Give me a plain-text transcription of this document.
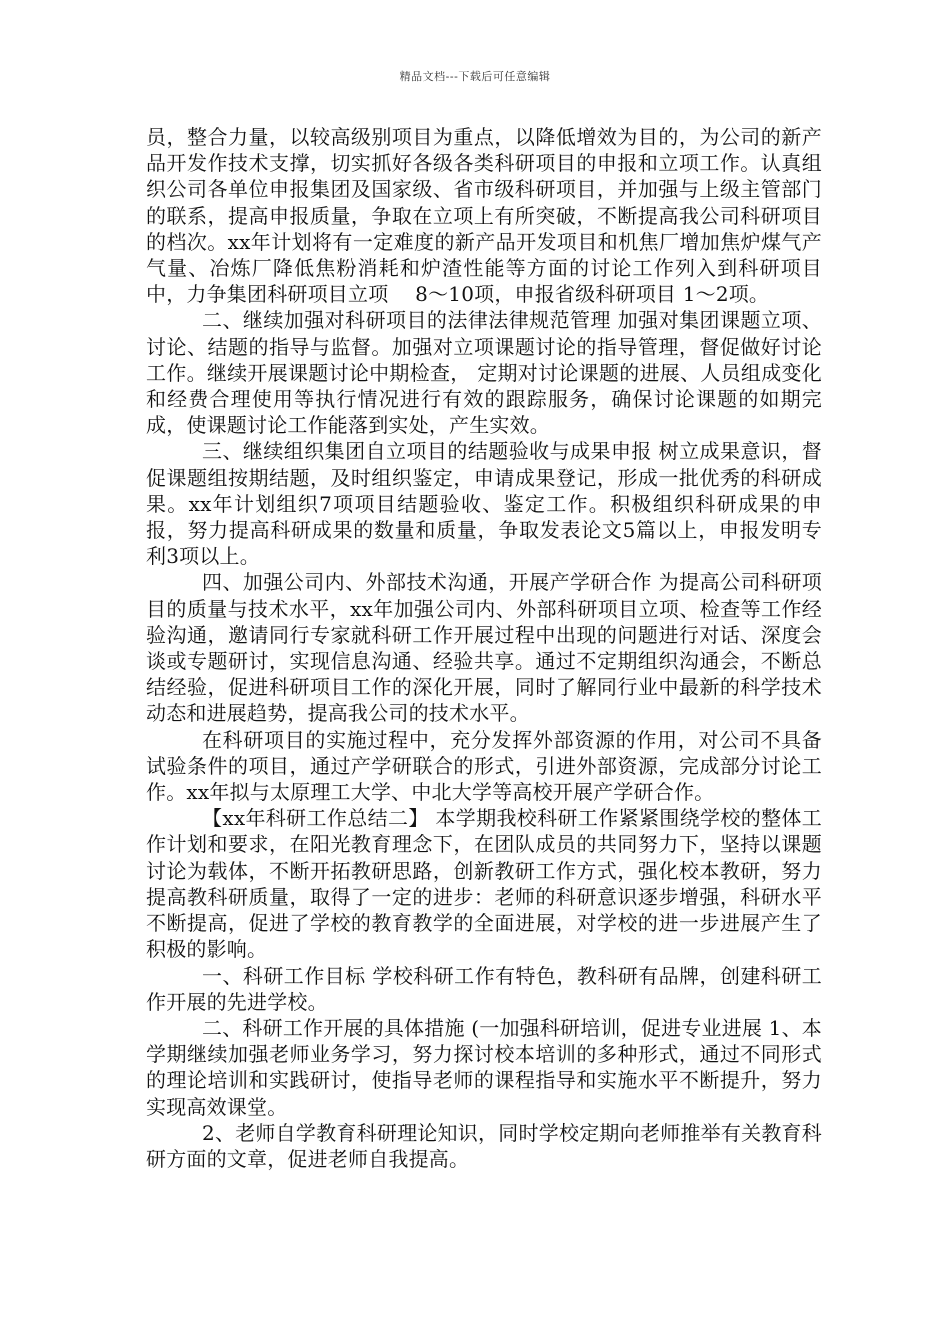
精品文档---下载后可任意编辑

员，整合力量，以较高级别项目为重点，以降低增效为目的，为公司的新产品开发作技术支撑，切实抓好各级各类科研项目的申报和立项工作。认真组织公司各单位申报集团及国家级、省市级科研项目，并加强与上级主管部门的联系，提高申报质量，争取在立项上有所突破，不断提高我公司科研项目的档次。xx年计划将有一定难度的新产品开发项目和机焦厂增加焦炉煤气产气量、冶炼厂降低焦粉消耗和炉渣性能等方面的讨论工作列入到科研项目中，力争集团科研项目立项　 8～10项，申报省级科研项目 1～2项。

二、继续加强对科研项目的法律法律规范管理 加强对集团课题立项、讨论、结题的指导与监督。加强对立项课题讨论的指导管理，督促做好讨论工作。继续开展课题讨论中期检查， 定期对讨论课题的进展、人员组成变化和经费合理使用等执行情况进行有效的跟踪服务，确保讨论课题的如期完成，使课题讨论工作能落到实处，产生实效。

三、继续组织集团自立项目的结题验收与成果申报 树立成果意识，督促课题组按期结题，及时组织鉴定，申请成果登记，形成一批优秀的科研成果。xx年计划组织7项项目结题验收、鉴定工作。积极组织科研成果的申报，努力提高科研成果的数量和质量，争取发表论文5篇以上，申报发明专利3项以上。

四、加强公司内、外部技术沟通，开展产学研合作 为提高公司科研项目的质量与技术水平，xx年加强公司内、外部科研项目立项、检查等工作经验沟通，邀请同行专家就科研工作开展过程中出现的问题进行对话、深度会谈或专题研讨，实现信息沟通、经验共享。通过不定期组织沟通会，不断总结经验，促进科研项目工作的深化开展，同时了解同行业中最新的科学技术动态和进展趋势，提高我公司的技术水平。

在科研项目的实施过程中，充分发挥外部资源的作用，对公司不具备试验条件的项目，通过产学研联合的形式，引进外部资源，完成部分讨论工作。xx年拟与太原理工大学、中北大学等高校开展产学研合作。

【xx年科研工作总结二】 本学期我校科研工作紧紧围绕学校的整体工作计划和要求，在阳光教育理念下，在团队成员的共同努力下，坚持以课题讨论为载体，不断开拓教研思路，创新教研工作方式，强化校本教研，努力提高教科研质量，取得了一定的进步：老师的科研意识逐步增强，科研水平不断提高，促进了学校的教育教学的全面进展，对学校的进一步进展产生了积极的影响。

一、科研工作目标 学校科研工作有特色，教科研有品牌，创建科研工作开展的先进学校。

二、科研工作开展的具体措施 (一加强科研培训，促进专业进展 1、本学期继续加强老师业务学习，努力探讨校本培训的多种形式，通过不同形式的理论培训和实践研讨，使指导老师的课程指导和实施水平不断提升，努力实现高效课堂。

2、老师自学教育科研理论知识，同时学校定期向老师推举有关教育科研方面的文章，促进老师自我提高。
